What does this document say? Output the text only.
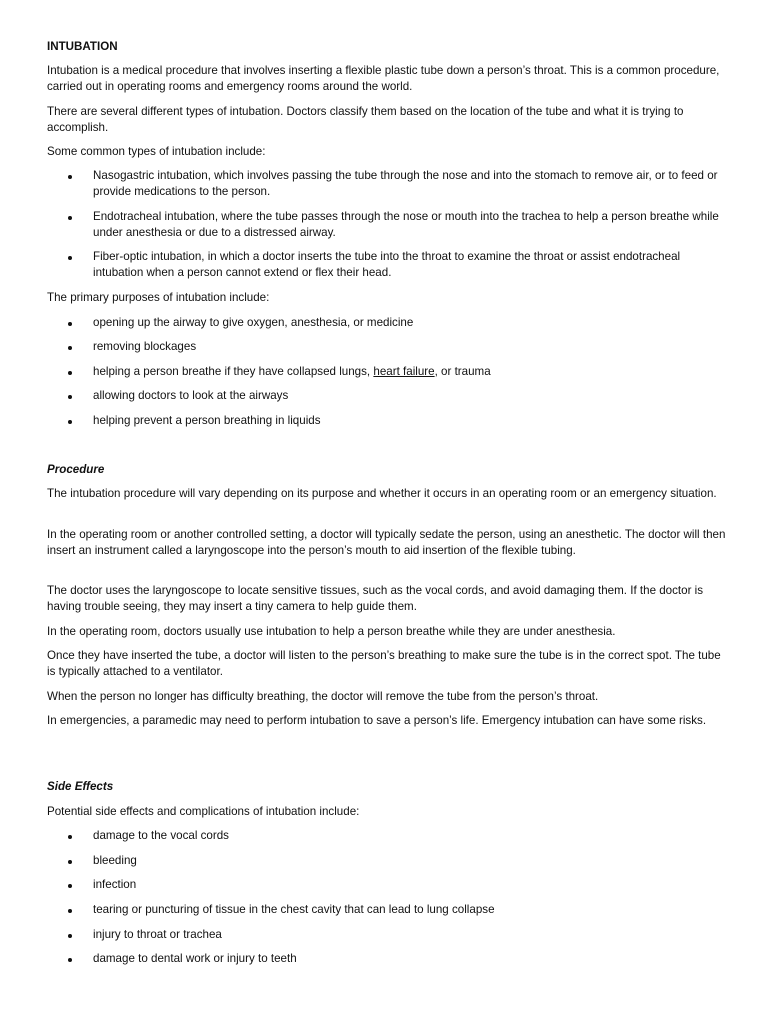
INTUBATION

Intubation is a medical procedure that involves inserting a flexible plastic tube down a person’s throat. This is a common procedure, carried out in operating rooms and emergency rooms around the world.

There are several different types of intubation. Doctors classify them based on the location of the tube and what it is trying to accomplish.

Some common types of intubation include:

Nasogastric intubation, which involves passing the tube through the nose and into the stomach to remove air, or to feed or provide medications to the person.

Endotracheal intubation, where the tube passes through the nose or mouth into the trachea to help a person breathe while under anesthesia or due to a distressed airway.

Fiber-optic intubation, in which a doctor inserts the tube into the throat to examine the throat or assist endotracheal intubation when a person cannot extend or flex their head.

The primary purposes of intubation include:

opening up the airway to give oxygen, anesthesia, or medicine

removing blockages

helping a person breathe if they have collapsed lungs, heart failure, or trauma

allowing doctors to look at the airways

helping prevent a person breathing in liquids

Procedure

The intubation procedure will vary depending on its purpose and whether it occurs in an operating room or an emergency situation.

In the operating room or another controlled setting, a doctor will typically sedate the person, using an anesthetic. The doctor will then insert an instrument called a laryngoscope into the person’s mouth to aid insertion of the flexible tubing.

The doctor uses the laryngoscope to locate sensitive tissues, such as the vocal cords, and avoid damaging them. If the doctor is having trouble seeing, they may insert a tiny camera to help guide them.

In the operating room, doctors usually use intubation to help a person breathe while they are under anesthesia.

Once they have inserted the tube, a doctor will listen to the person’s breathing to make sure the tube is in the correct spot. The tube is typically attached to a ventilator.

When the person no longer has difficulty breathing, the doctor will remove the tube from the person’s throat.

In emergencies, a paramedic may need to perform intubation to save a person’s life. Emergency intubation can have some risks.

Side Effects

Potential side effects and complications of intubation include:

damage to the vocal cords

bleeding

infection

tearing or puncturing of tissue in the chest cavity that can lead to lung collapse

injury to throat or trachea

damage to dental work or injury to teeth
